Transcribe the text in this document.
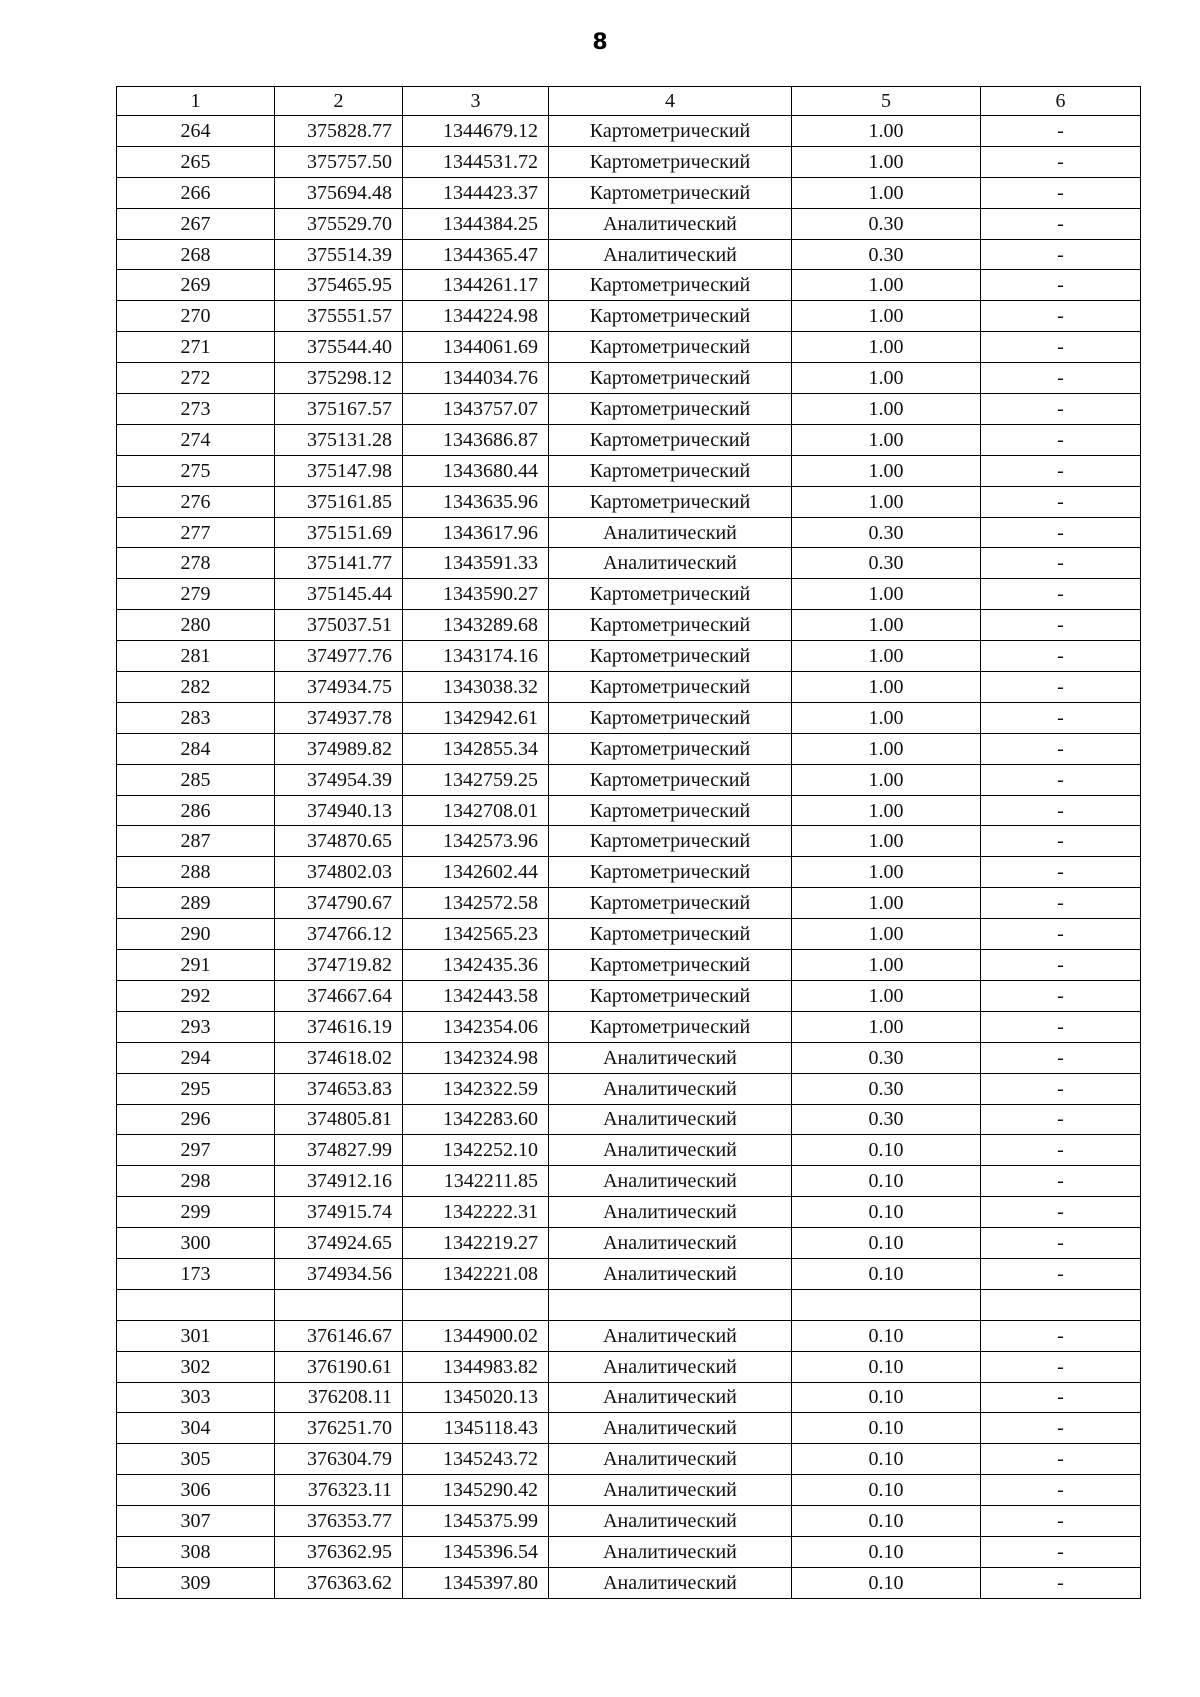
8
1	2	3	4	5	6
264	375828.77	1344679.12	Картометрический	1.00	-
265	375757.50	1344531.72	Картометрический	1.00	-
266	375694.48	1344423.37	Картометрический	1.00	-
267	375529.70	1344384.25	Аналитический	0.30	-
268	375514.39	1344365.47	Аналитический	0.30	-
269	375465.95	1344261.17	Картометрический	1.00	-
270	375551.57	1344224.98	Картометрический	1.00	-
271	375544.40	1344061.69	Картометрический	1.00	-
272	375298.12	1344034.76	Картометрический	1.00	-
273	375167.57	1343757.07	Картометрический	1.00	-
274	375131.28	1343686.87	Картометрический	1.00	-
275	375147.98	1343680.44	Картометрический	1.00	-
276	375161.85	1343635.96	Картометрический	1.00	-
277	375151.69	1343617.96	Аналитический	0.30	-
278	375141.77	1343591.33	Аналитический	0.30	-
279	375145.44	1343590.27	Картометрический	1.00	-
280	375037.51	1343289.68	Картометрический	1.00	-
281	374977.76	1343174.16	Картометрический	1.00	-
282	374934.75	1343038.32	Картометрический	1.00	-
283	374937.78	1342942.61	Картометрический	1.00	-
284	374989.82	1342855.34	Картометрический	1.00	-
285	374954.39	1342759.25	Картометрический	1.00	-
286	374940.13	1342708.01	Картометрический	1.00	-
287	374870.65	1342573.96	Картометрический	1.00	-
288	374802.03	1342602.44	Картометрический	1.00	-
289	374790.67	1342572.58	Картометрический	1.00	-
290	374766.12	1342565.23	Картометрический	1.00	-
291	374719.82	1342435.36	Картометрический	1.00	-
292	374667.64	1342443.58	Картометрический	1.00	-
293	374616.19	1342354.06	Картометрический	1.00	-
294	374618.02	1342324.98	Аналитический	0.30	-
295	374653.83	1342322.59	Аналитический	0.30	-
296	374805.81	1342283.60	Аналитический	0.30	-
297	374827.99	1342252.10	Аналитический	0.10	-
298	374912.16	1342211.85	Аналитический	0.10	-
299	374915.74	1342222.31	Аналитический	0.10	-
300	374924.65	1342219.27	Аналитический	0.10	-
173	374934.56	1342221.08	Аналитический	0.10	-

301	376146.67	1344900.02	Аналитический	0.10	-
302	376190.61	1344983.82	Аналитический	0.10	-
303	376208.11	1345020.13	Аналитический	0.10	-
304	376251.70	1345118.43	Аналитический	0.10	-
305	376304.79	1345243.72	Аналитический	0.10	-
306	376323.11	1345290.42	Аналитический	0.10	-
307	376353.77	1345375.99	Аналитический	0.10	-
308	376362.95	1345396.54	Аналитический	0.10	-
309	376363.62	1345397.80	Аналитический	0.10	-
